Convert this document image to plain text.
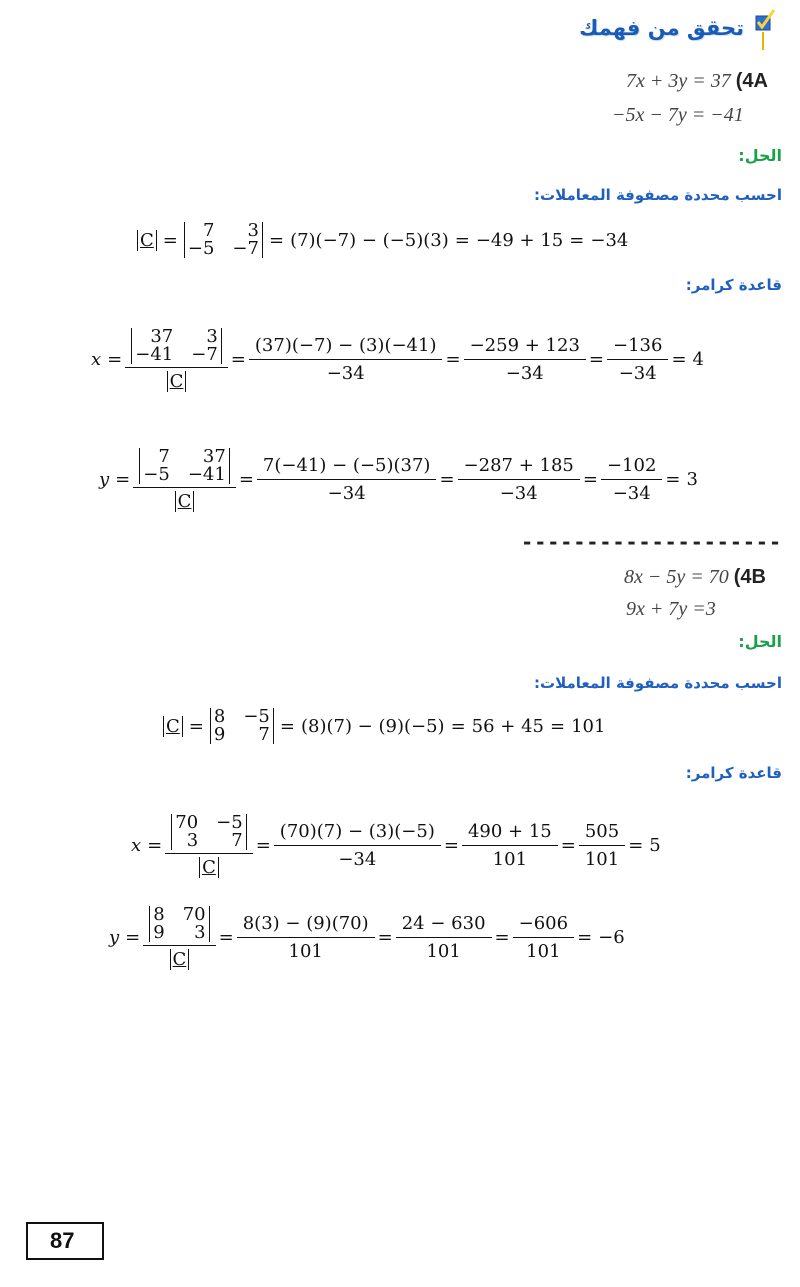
تحقق من فهمك
7x + 3y = 37 (4A
−5x − 7y = −41
الحل:
احسب محددة مصفوفة المعاملات:
C =	7	3
−5 −7 = (7)(−7) − (−5)(3) = −49 + 15 = −34
قاعدة كرامر:
x = 37	3
−41 −7
$C = \frac{(37)(-7) - (3)(-41)}{-34} = \frac{-259 + 123}{-34} = \frac{-136}{-34} = 4$
y = 7	37
−5 −41
$C = \frac{7(-41) - (-5)(37)}{-34} = \frac{-287 + 185}{-34} = \frac{-102}{-34} = 3$
--------------------
8x − 5y = 70 (4B
9x + 7y =3
الحل:
احسب محددة مصفوفة المعاملات:
C = 8 −5
9	7 = (8)(7) − (9)(−5) = 56 + 45 = 101
قاعدة كرامر:
x = 70 −5
3	7
$C = \frac{(70)(7) - (3)(-5)}{-34} = \frac{490 + 15}{101} = \frac{505}{101} = 5$
y = 8 70
9	3
$C = \frac{8(3) - (9)(70)}{101} = \frac{24 - 630}{101} = \frac{-606}{101} = -6$
87
